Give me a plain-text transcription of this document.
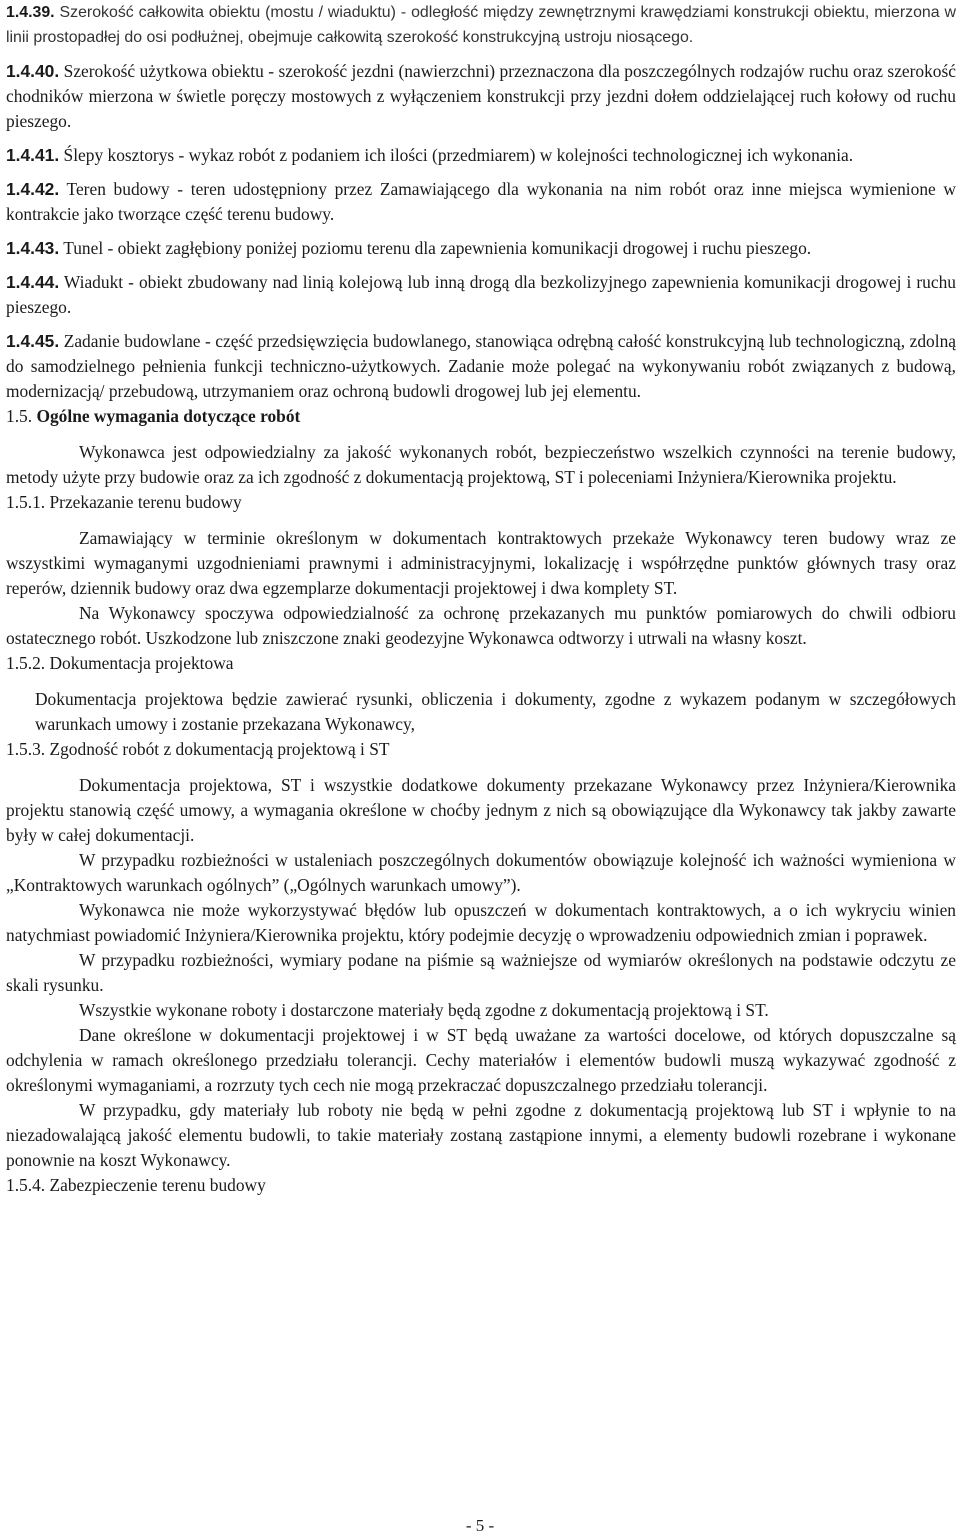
1.4.39. Szerokość całkowita obiektu (mostu / wiaduktu) - odległość między zewnętrznymi krawędziami konstrukcji obiektu, mierzona w linii prostopadłej do osi podłużnej, obejmuje całkowitą szerokość konstrukcyjną ustroju niosącego.

1.4.40. Szerokość użytkowa obiektu - szerokość jezdni (nawierzchni) przeznaczona dla poszczególnych rodzajów ruchu oraz szerokość chodników mierzona w świetle poręczy mostowych z wyłączeniem konstrukcji przy jezdni dołem oddzielającej ruch kołowy od ruchu pieszego.

1.4.41. Ślepy kosztorys - wykaz robót z podaniem ich ilości (przedmiarem) w kolejności technologicznej ich wykonania.

1.4.42. Teren budowy - teren udostępniony przez Zamawiającego dla wykonania na nim robót oraz inne miejsca wymienione w kontrakcie jako tworzące część terenu budowy.

1.4.43. Tunel - obiekt zagłębiony poniżej poziomu terenu dla zapewnienia komunikacji drogowej i ruchu pieszego.

1.4.44. Wiadukt - obiekt zbudowany nad linią kolejową lub inną drogą dla bezkolizyjnego zapewnienia komunikacji drogowej i ruchu pieszego.

1.4.45. Zadanie budowlane - część przedsięwzięcia budowlanego, stanowiąca odrębną całość konstrukcyjną lub technologiczną, zdolną do samodzielnego pełnienia funkcji techniczno-użytkowych. Zadanie może polegać na wykonywaniu robót związanych z budową, modernizacją/ przebudową, utrzymaniem oraz ochroną budowli drogowej lub jej elementu.

1.5. Ogólne wymagania dotyczące robót

Wykonawca jest odpowiedzialny za jakość wykonanych robót, bezpieczeństwo wszelkich czynności na terenie budowy, metody użyte przy budowie oraz za ich zgodność z dokumentacją projektową, ST i poleceniami Inżyniera/Kierownika projektu.

1.5.1. Przekazanie terenu budowy

Zamawiający w terminie określonym w dokumentach kontraktowych przekaże Wykonawcy teren budowy wraz ze wszystkimi wymaganymi uzgodnieniami prawnymi i administracyjnymi, lokalizację i współrzędne punktów głównych trasy oraz reperów, dziennik budowy oraz dwa egzemplarze dokumentacji projektowej i dwa komplety ST.

Na Wykonawcy spoczywa odpowiedzialność za ochronę przekazanych mu punktów pomiarowych do chwili odbioru ostatecznego robót. Uszkodzone lub zniszczone znaki geodezyjne Wykonawca odtworzy i utrwali na własny koszt.

1.5.2. Dokumentacja projektowa

Dokumentacja projektowa będzie zawierać rysunki, obliczenia i dokumenty, zgodne z wykazem podanym w szczegółowych warunkach umowy i zostanie przekazana Wykonawcy,

1.5.3. Zgodność robót z dokumentacją projektową i ST

Dokumentacja projektowa, ST i wszystkie dodatkowe dokumenty przekazane Wykonawcy przez Inżyniera/Kierownika projektu stanowią część umowy, a wymagania określone w choćby jednym z nich są obowiązujące dla Wykonawcy tak jakby zawarte były w całej dokumentacji.

W przypadku rozbieżności w ustaleniach poszczególnych dokumentów obowiązuje kolejność ich ważności wymieniona w „Kontraktowych warunkach ogólnych” („Ogólnych warunkach umowy”).

Wykonawca nie może wykorzystywać błędów lub opuszczeń w dokumentach kontraktowych, a o ich wykryciu winien natychmiast powiadomić Inżyniera/Kierownika projektu, który podejmie decyzję o wprowadzeniu odpowiednich zmian i poprawek.

W przypadku rozbieżności, wymiary podane na piśmie są ważniejsze od wymiarów określonych na podstawie odczytu ze skali rysunku.

Wszystkie wykonane roboty i dostarczone materiały będą zgodne z dokumentacją projektową i ST.

Dane określone w dokumentacji projektowej i w ST będą uważane za wartości docelowe, od których dopuszczalne są odchylenia w ramach określonego przedziału tolerancji. Cechy materiałów i elementów budowli muszą wykazywać zgodność z określonymi wymaganiami, a rozrzuty tych cech nie mogą przekraczać dopuszczalnego przedziału tolerancji.

W przypadku, gdy materiały lub roboty nie będą w pełni zgodne z dokumentacją projektową lub ST i wpłynie to na niezadowalającą jakość elementu budowli, to takie materiały zostaną zastąpione innymi, a elementy budowli rozebrane i wykonane ponownie na koszt Wykonawcy.

1.5.4. Zabezpieczenie terenu budowy

- 5 -
